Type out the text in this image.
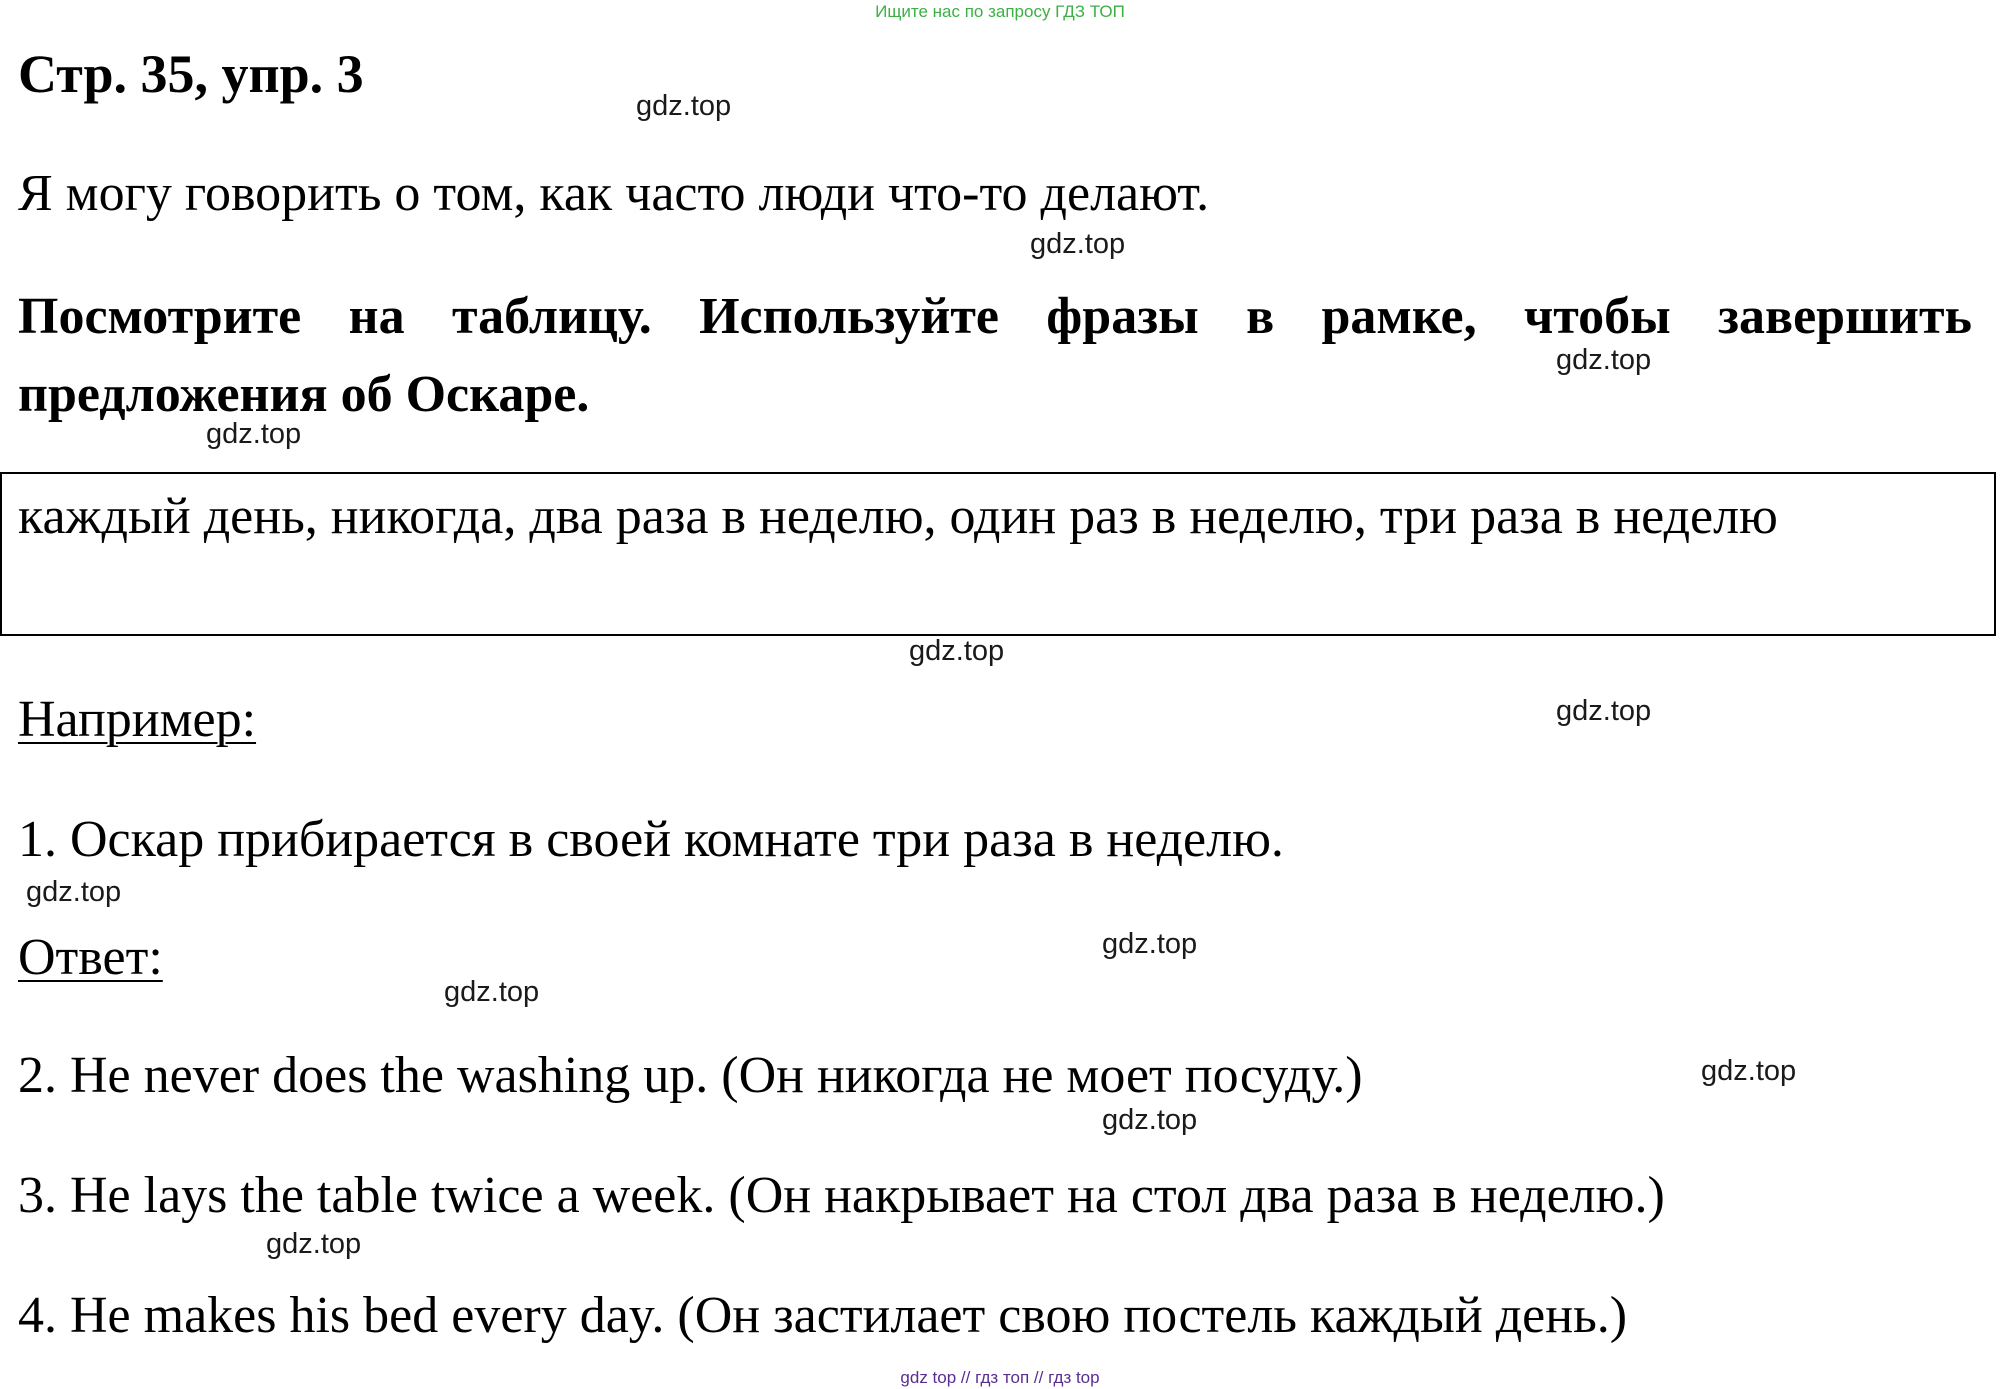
Ищите нас по запросу ГДЗ ТОП
Стр. 35, упр. 3
Я могу говорить о том, как часто люди что-то делают.
Посмотрите на таблицу. Используйте фразы в рамке, чтобы завершить предложения об Оскаре.
каждый день, никогда, два раза в неделю, один раз в неделю, три раза в неделю
Например:
1. Оскар прибирается в своей комнате три раза в неделю.
Ответ:
2. He never does the washing up. (Он никогда не моет посуду.)
3. He lays the table twice a week. (Он накрывает на стол два раза в неделю.)
4. He makes his bed every day. (Он застилает свою постель каждый день.)
gdz.top
gdz.top
gdz.top
gdz.top
gdz.top
gdz.top
gdz.top
gdz.top
gdz.top
gdz.top
gdz.top
gdz.top
gdz top // гдз топ // гдз top
